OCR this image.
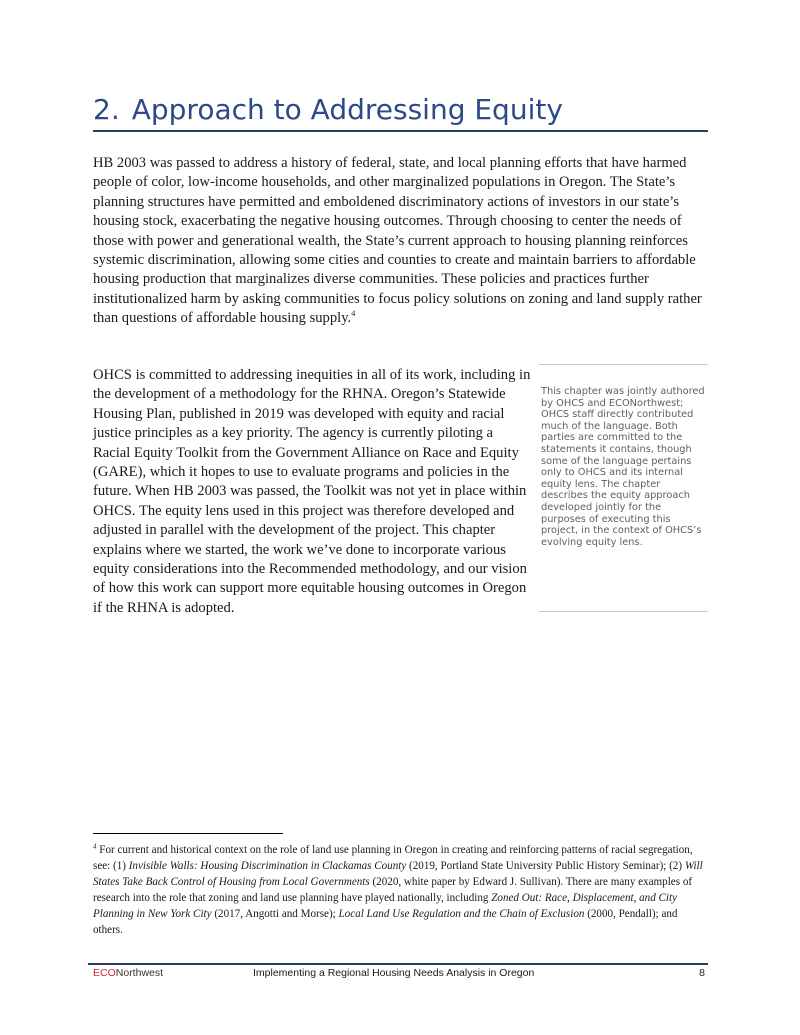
2. Approach to Addressing Equity

HB 2003 was passed to address a history of federal, state, and local planning efforts that have harmed people of color, low-income households, and other marginalized populations in Oregon. The State’s planning structures have permitted and emboldened discriminatory actions of investors in our state’s housing stock, exacerbating the negative housing outcomes. Through choosing to center the needs of those with power and generational wealth, the State’s current approach to housing planning reinforces systemic discrimination, allowing some cities and counties to create and maintain barriers to affordable housing production that marginalizes diverse communities. These policies and practices further institutionalized harm by asking communities to focus policy solutions on zoning and land supply rather than questions of affordable housing supply.$^4$

OHCS is committed to addressing inequities in all of its work, including in the development of a methodology for the RHNA. Oregon’s Statewide Housing Plan, published in 2019 was developed with equity and racial justice principles as a key priority. The agency is currently piloting a Racial Equity Toolkit from the Government Alliance on Race and Equity (GARE), which it hopes to use to evaluate programs and policies in the future. When HB 2003 was passed, the Toolkit was not yet in place within OHCS. The equity lens used in this project was therefore developed and adjusted in parallel with the development of the project. This chapter explains where we started, the work we’ve done to incorporate various equity considerations into the Recommended methodology, and our vision of how this work can support more equitable housing outcomes in Oregon if the RHNA is adopted.

This chapter was jointly authored by OHCS and ECONorthwest; OHCS staff directly contributed much of the language. Both parties are committed to the statements it contains, though some of the language pertains only to OHCS and its internal equity lens. The chapter describes the equity approach developed jointly for the purposes of executing this project, in the context of OHCS’s evolving equity lens.

$^4$ For current and historical context on the role of land use planning in Oregon in creating and reinforcing patterns of racial segregation, see: (1) Invisible Walls: Housing Discrimination in Clackamas County (2019, Portland State University Public History Seminar); (2) Will States Take Back Control of Housing from Local Governments (2020, white paper by Edward J. Sullivan). There are many examples of research into the role that zoning and land use planning have played nationally, including Zoned Out: Race, Displacement, and City Planning in New York City (2017, Angotti and Morse); Local Land Use Regulation and the Chain of Exclusion (2000, Pendall); and others.

ECONorthwest	Implementing a Regional Housing Needs Analysis in Oregon	8
